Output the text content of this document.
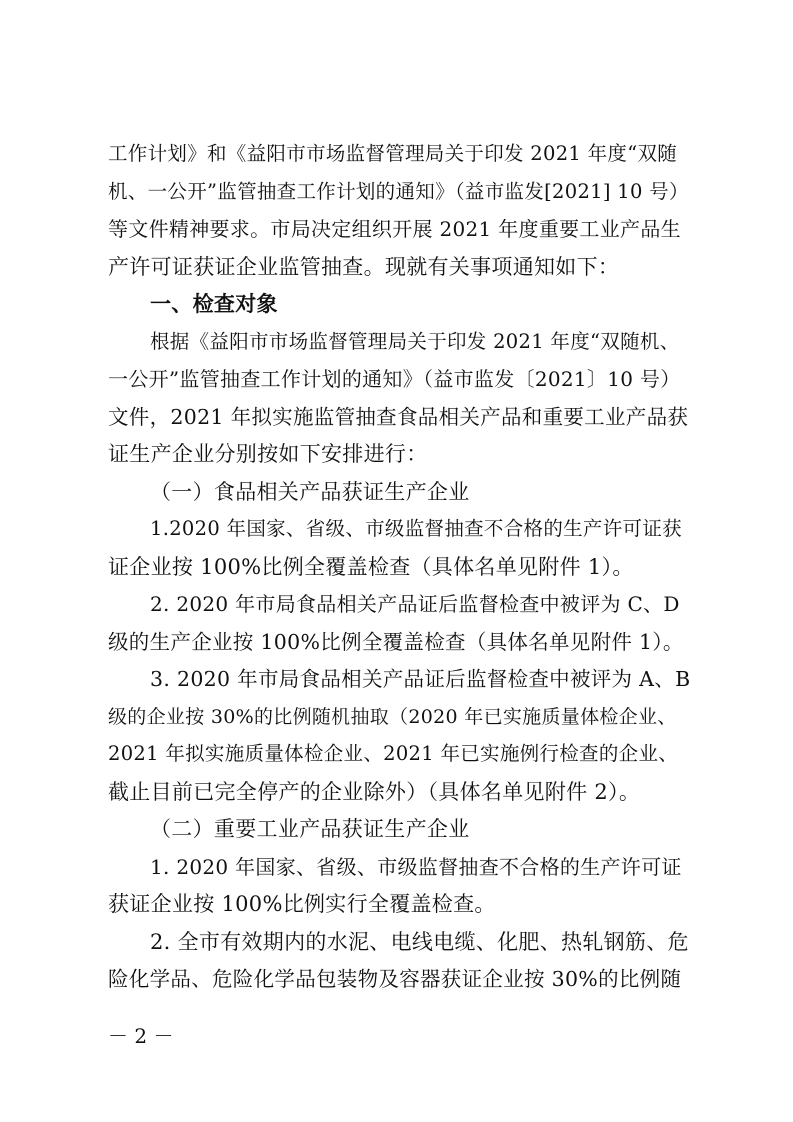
工作计划》和《益阳市市场监督管理局关于印发 2021 年度“双随
机、一公开”监管抽查工作计划的通知》（益市监发[2021] 10 号）
等文件精神要求。市局决定组织开展 2021 年度重要工业产品生
产许可证获证企业监管抽查。现就有关事项通知如下：
一、检查对象
根据《益阳市市场监督管理局关于印发 2021 年度“双随机、
一公开”监管抽查工作计划的通知》（益市监发〔2021〕10 号）
文件，2021 年拟实施监管抽查食品相关产品和重要工业产品获
证生产企业分别按如下安排进行：
（一）食品相关产品获证生产企业
1.2020 年国家、省级、市级监督抽查不合格的生产许可证获
证企业按 100%比例全覆盖检查（具体名单见附件 1）。
2. 2020 年市局食品相关产品证后监督检查中被评为 C、D
级的生产企业按 100%比例全覆盖检查（具体名单见附件 1）。
3. 2020 年市局食品相关产品证后监督检查中被评为 A、B
级的企业按 30%的比例随机抽取（2020 年已实施质量体检企业、
2021 年拟实施质量体检企业、2021 年已实施例行检查的企业、
截止目前已完全停产的企业除外）（具体名单见附件 2）。
（二）重要工业产品获证生产企业
1. 2020 年国家、省级、市级监督抽查不合格的生产许可证
获证企业按 100%比例实行全覆盖检查。
2. 全市有效期内的水泥、电线电缆、化肥、热轧钢筋、危
险化学品、危险化学品包装物及容器获证企业按 30%的比例随
－ 2 －
